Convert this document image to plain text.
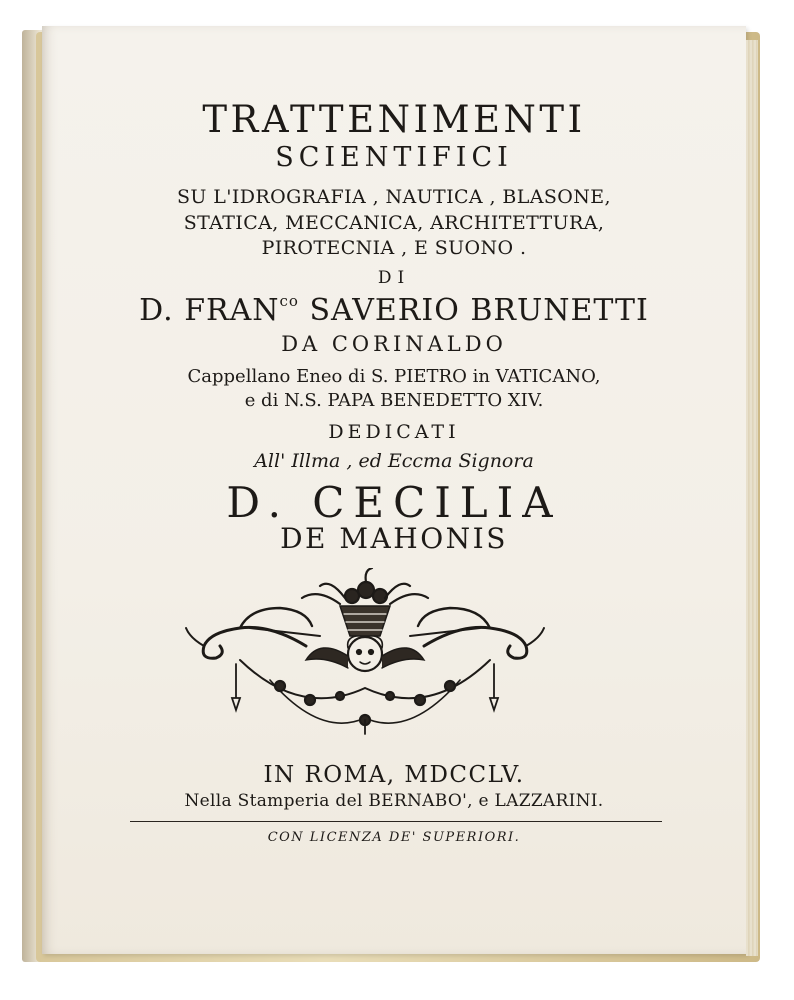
TRATTENIMENTI

SCIENTIFICI

SU L'IDROGRAFIA , NAUTICA , BLASONE,

STATICA, MECCANICA, ARCHITETTURA,

PIROTECNIA , E SUONO .

DI

D. $FRAN^{co}$ SAVERIO BRUNETTI

DA CORINALDO

Cappellano Eneo di S. PIETRO in VATICANO,

e di N.S. PAPA BENEDETTO XIV.

DEDICATI

All' Illma , ed Eccma Signora

D. CECILIA

DE MAHONIS

IN ROMA, MDCCLV.

Nella Stamperia del BERNABO', e LAZZARINI.

CON LICENZA DE' SUPERIORI.
